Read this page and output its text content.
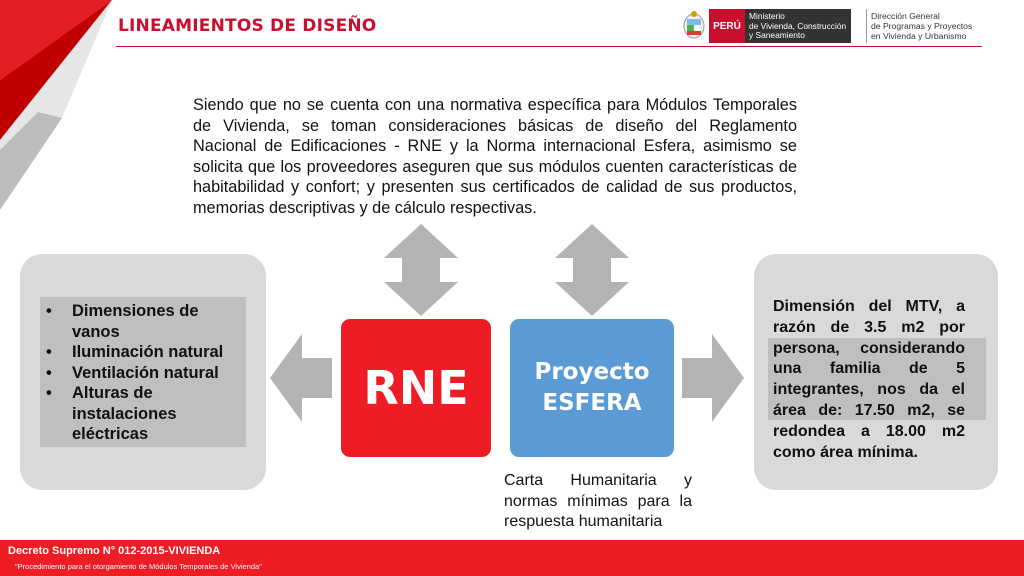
LINEAMIENTOS DE DISEÑO	PERÚ
Ministerio
de Vivienda, Construcción
y Saneamiento
Dirección General
de Programas y Proyectos
en Vivienda y Urbanismo
Siendo que no se cuenta con una normativa específica para Módulos Temporales de Vivienda, se toman consideraciones básicas de diseño del Reglamento Nacional de Edificaciones - RNE y la Norma internacional Esfera, asimismo se solicita que los proveedores aseguren que sus módulos cuenten características de habitabilidad y confort; y presenten sus certificados de calidad de sus productos, memorias descriptivas y de cálculo respectivas.
• Dimensiones de vanos
• Iluminación natural
• Ventilación natural
• Alturas de instalaciones eléctricas
RNE	Proyecto
ESFERA
Carta Humanitaria y normas mínimas para la respuesta humanitaria
Dimensión del MTV, a razón de 3.5 m2 por persona, considerando una familia de 5 integrantes, nos da el área de: 17.50 m2, se redondea a 18.00 m2 como área mínima.
Decreto Supremo N° 012-2015-VIVIENDA
"Procedimiento para el otorgamiento de Módulos Temporales de Vivienda"
